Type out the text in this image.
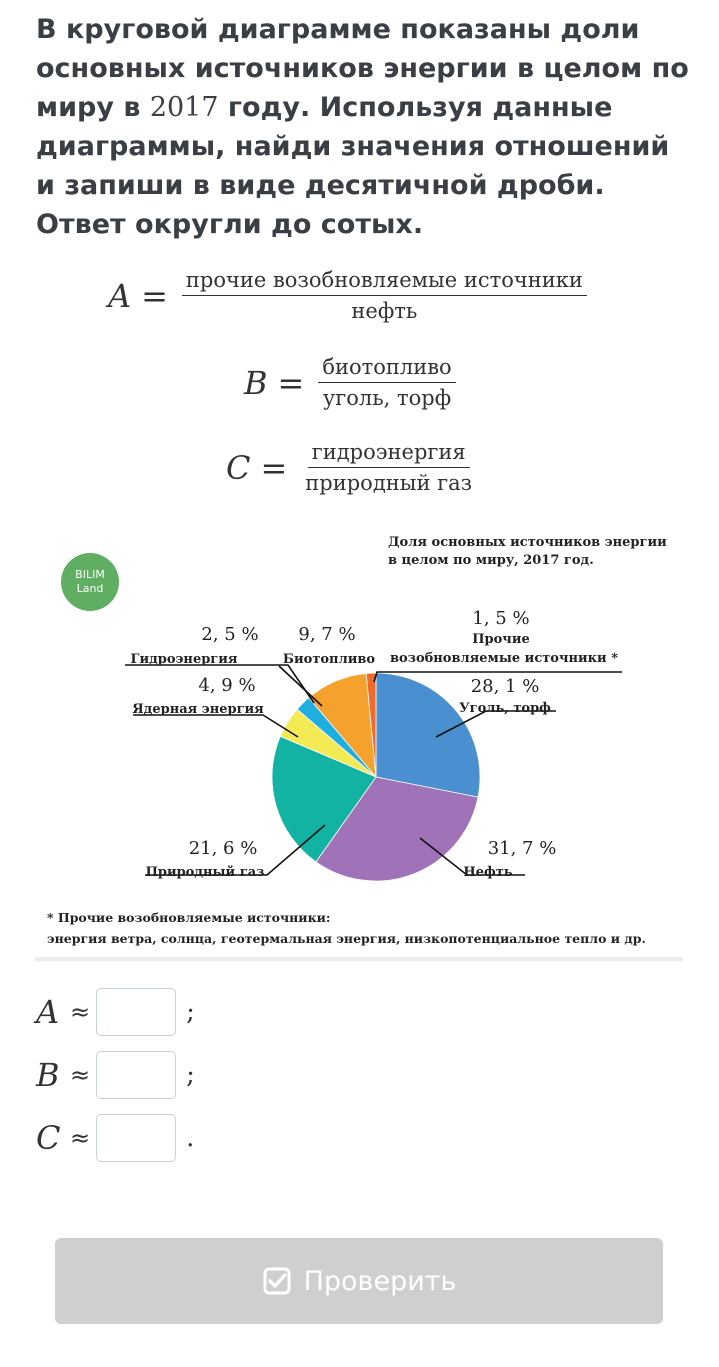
В круговой диаграмме показаны доли основных источников энергии в целом по миру в 2017 году. Используя данные диаграммы, найди значения отношений и запиши в виде десятичной дроби. Ответ округли до сотых.
$A = \frac{\text{прочие возобновляемые источники}}{\text{нефть}}$
$B = \frac{\text{биотопливо}}{\text{уголь, торф}}$
$C = \frac{\text{гидроэнергия}}{\text{природный газ}}$
BILIM
Land
Доля основных источников энергии
в целом по миру, 2017 год.
1, 5 %
Прочие
возобновляемые источники *
28, 1 %
Уголь, торф
9, 7 %
Биотопливо
2, 5 %
Гидроэнергия
4, 9 %
Ядерная энергия
21, 6 %
Природный газ
31, 7 %
Нефть
* Прочие возобновляемые источники:
энергия ветра, солнца, геотермальная энергия, низкопотенциальное тепло и др.
A ≈	;
B ≈	;
C ≈	.
Проверить
